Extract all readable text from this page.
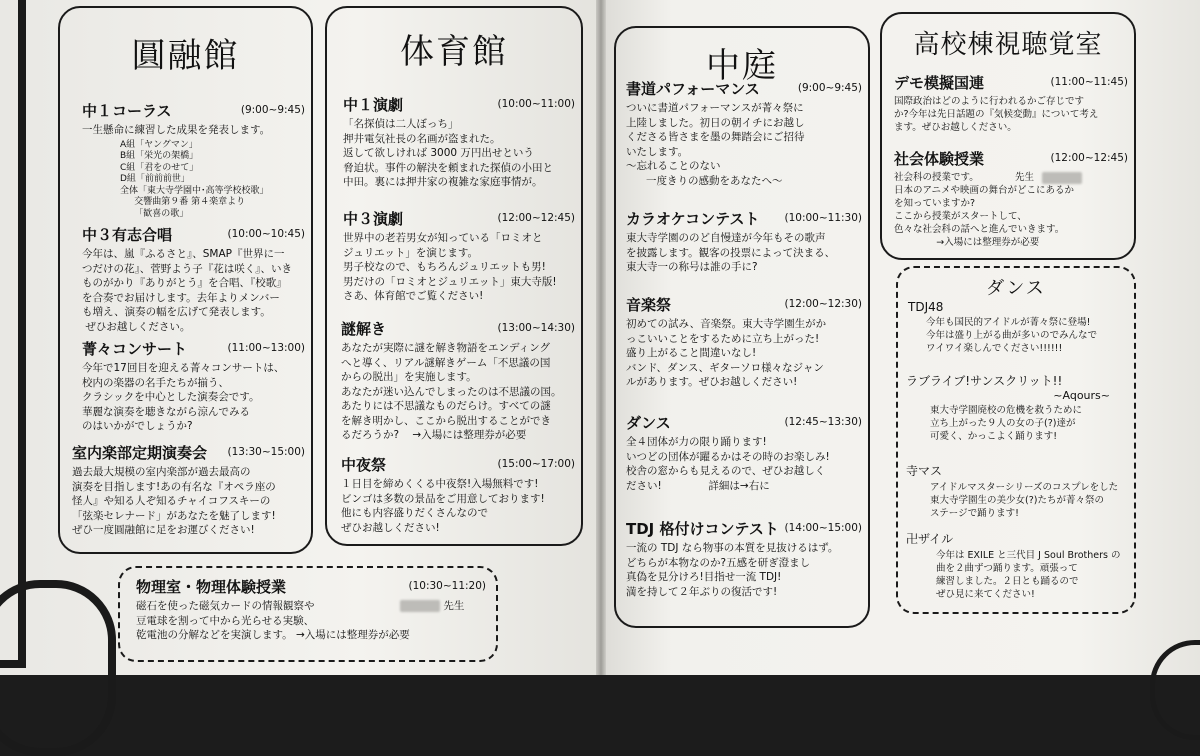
圓融館
中１コーラス	(9:00~9:45)
一生懸命に練習した成果を発表します。
A組「ヤングマン」
B組「栄光の架橋」
C組「君をのせて」
D組「前前前世」
全体「東大寺学園中･高等学校校歌」
交響曲第９番 第４楽章より
「歓喜の歌」
中３有志合唱	(10:00~10:45)
今年は、嵐『ふるさと』、SMAP『世界に一
つだけの花』、菅野よう子『花は咲く』、いき
ものがかり『ありがとう』を合唱、『校歌』
を合奏でお届けします。去年よりメンバー
も増え、演奏の幅を広げて発表します。
ぜひお越しください。
菁々コンサート	(11:00~13:00)
今年で17回目を迎える菁々コンサートは、
校内の楽器の名手たちが揃う、
クラシックを中心とした演奏会です。
華麗な演奏を聴きながら涼んでみる
のはいかがでしょうか?
室内楽部定期演奏会	(13:30~15:00)
過去最大規模の室内楽部が過去最高の
演奏を目指します!あの有名な『オペラ座の
怪人』や知る人ぞ知るチャイコフスキーの
「弦楽セレナード」があなたを魅了します!
ぜひ一度圓融館に足をお運びください!
物理室・物理体験授業	(10:30~11:20)
磁石を使った磁気カードの情報観察や
豆電球を割って中から光らせる実験、
乾電池の分解などを実演します。 →入場には整理券が必要
先生
体育館
中１演劇	(10:00~11:00)
「名探偵は二人ぼっち」
押井電気社長の名画が盗まれた。
返して欲しければ 3000 万円出せという
脅迫状。事件の解決を頼まれた探偵の小田と
中田。裏には押井家の複雑な家庭事情が。
中３演劇	(12:00~12:45)
世界中の老若男女が知っている「ロミオと
ジュリエット」を演じます。
男子校なので、もちろんジュリエットも男!
男だけの「ロミオとジュリエット」東大寺版!
さあ、体育館でご覧ください!
謎解き	(13:00~14:30)
あなたが実際に謎を解き物語をエンディング
へと導く、リアル謎解きゲーム「不思議の国
からの脱出」を実施します。
あなたが迷い込んでしまったのは不思議の国。
あたりには不思議なものだらけ。すべての謎
を解き明かし、ここから脱出することができ
るだろうか?    →入場には整理券が必要
中夜祭	(15:00~17:00)
１日目を締めくくる中夜祭!入場無料です!
ビンゴは多数の景品をご用意しております!
他にも内容盛りだくさんなので
ぜひお越しください!
中庭
書道パフォーマンス	(9:00~9:45)
ついに書道パフォーマンスが菁々祭に
上陸しました。初日の朝イチにお越し
くださる皆さまを墨の舞踏会にご招待
いたします。
～忘れることのない
一度きりの感動をあなたへ～
カラオケコンテスト	(10:00~11:30)
東大寺学園ののど自慢達が今年もその歌声
を披露します。観客の投票によって決まる、
東大寺一の称号は誰の手に?
音楽祭	(12:00~12:30)
初めての試み、音楽祭。東大寺学園生がか
っこいいことをするために立ち上がった!
盛り上がること間違いなし!
バンド、ダンス、ギターソロ様々なジャン
ルがあります。ぜひお越しください!
ダンス	(12:45~13:30)
全４団体が力の限り踊ります!
いつどの団体が躍るかはその時のお楽しみ!
校舎の窓からも見えるので、ぜひお越しく
ださい!              詳細は→右に
TDJ 格付けコンテスト (14:00~15:00)
一流の TDJ なら物事の本質を見抜けるはず。
どちらが本物なのか?五感を研ぎ澄まし
真偽を見分けろ!目指せ一流 TDJ!
満を持して２年ぶりの復活です!
高校棟視聴覚室
デモ模擬国連	(11:00~11:45)
国際政治はどのように行われるかご存じです
か?今年は先日話題の『気候変動』について考え
ます。ぜひお越しください。
社会体験授業	(12:00~12:45)
社会科の授業です。            先生
日本のアニメや映画の舞台がどこにあるか
を知っていますか?
ここから授業がスタートして、
色々な社会科の話へと進んでいきます。
→入場には整理券が必要
ダンス
TDJ48
今年も国民的アイドルが菁々祭に登場!
今年は盛り上がる曲が多いのでみんなで
ワイワイ楽しんでください!!!!!!
ラブライブ!サンスクリット!!
~Aqours~
東大寺学園廃校の危機を救うために
立ち上がった９人の女の子(?)達が
可愛く、かっこよく踊ります!
寺マス
アイドルマスターシリーズのコスプレをした
東大寺学園生の美少女(?)たちが菁々祭の
ステージで踊ります!
卍ザイル
今年は EXILE と三代目 J Soul Brothers の
曲を２曲ずつ踊ります。頑張って
練習しました。２日とも踊るので
ぜひ見に来てください!
